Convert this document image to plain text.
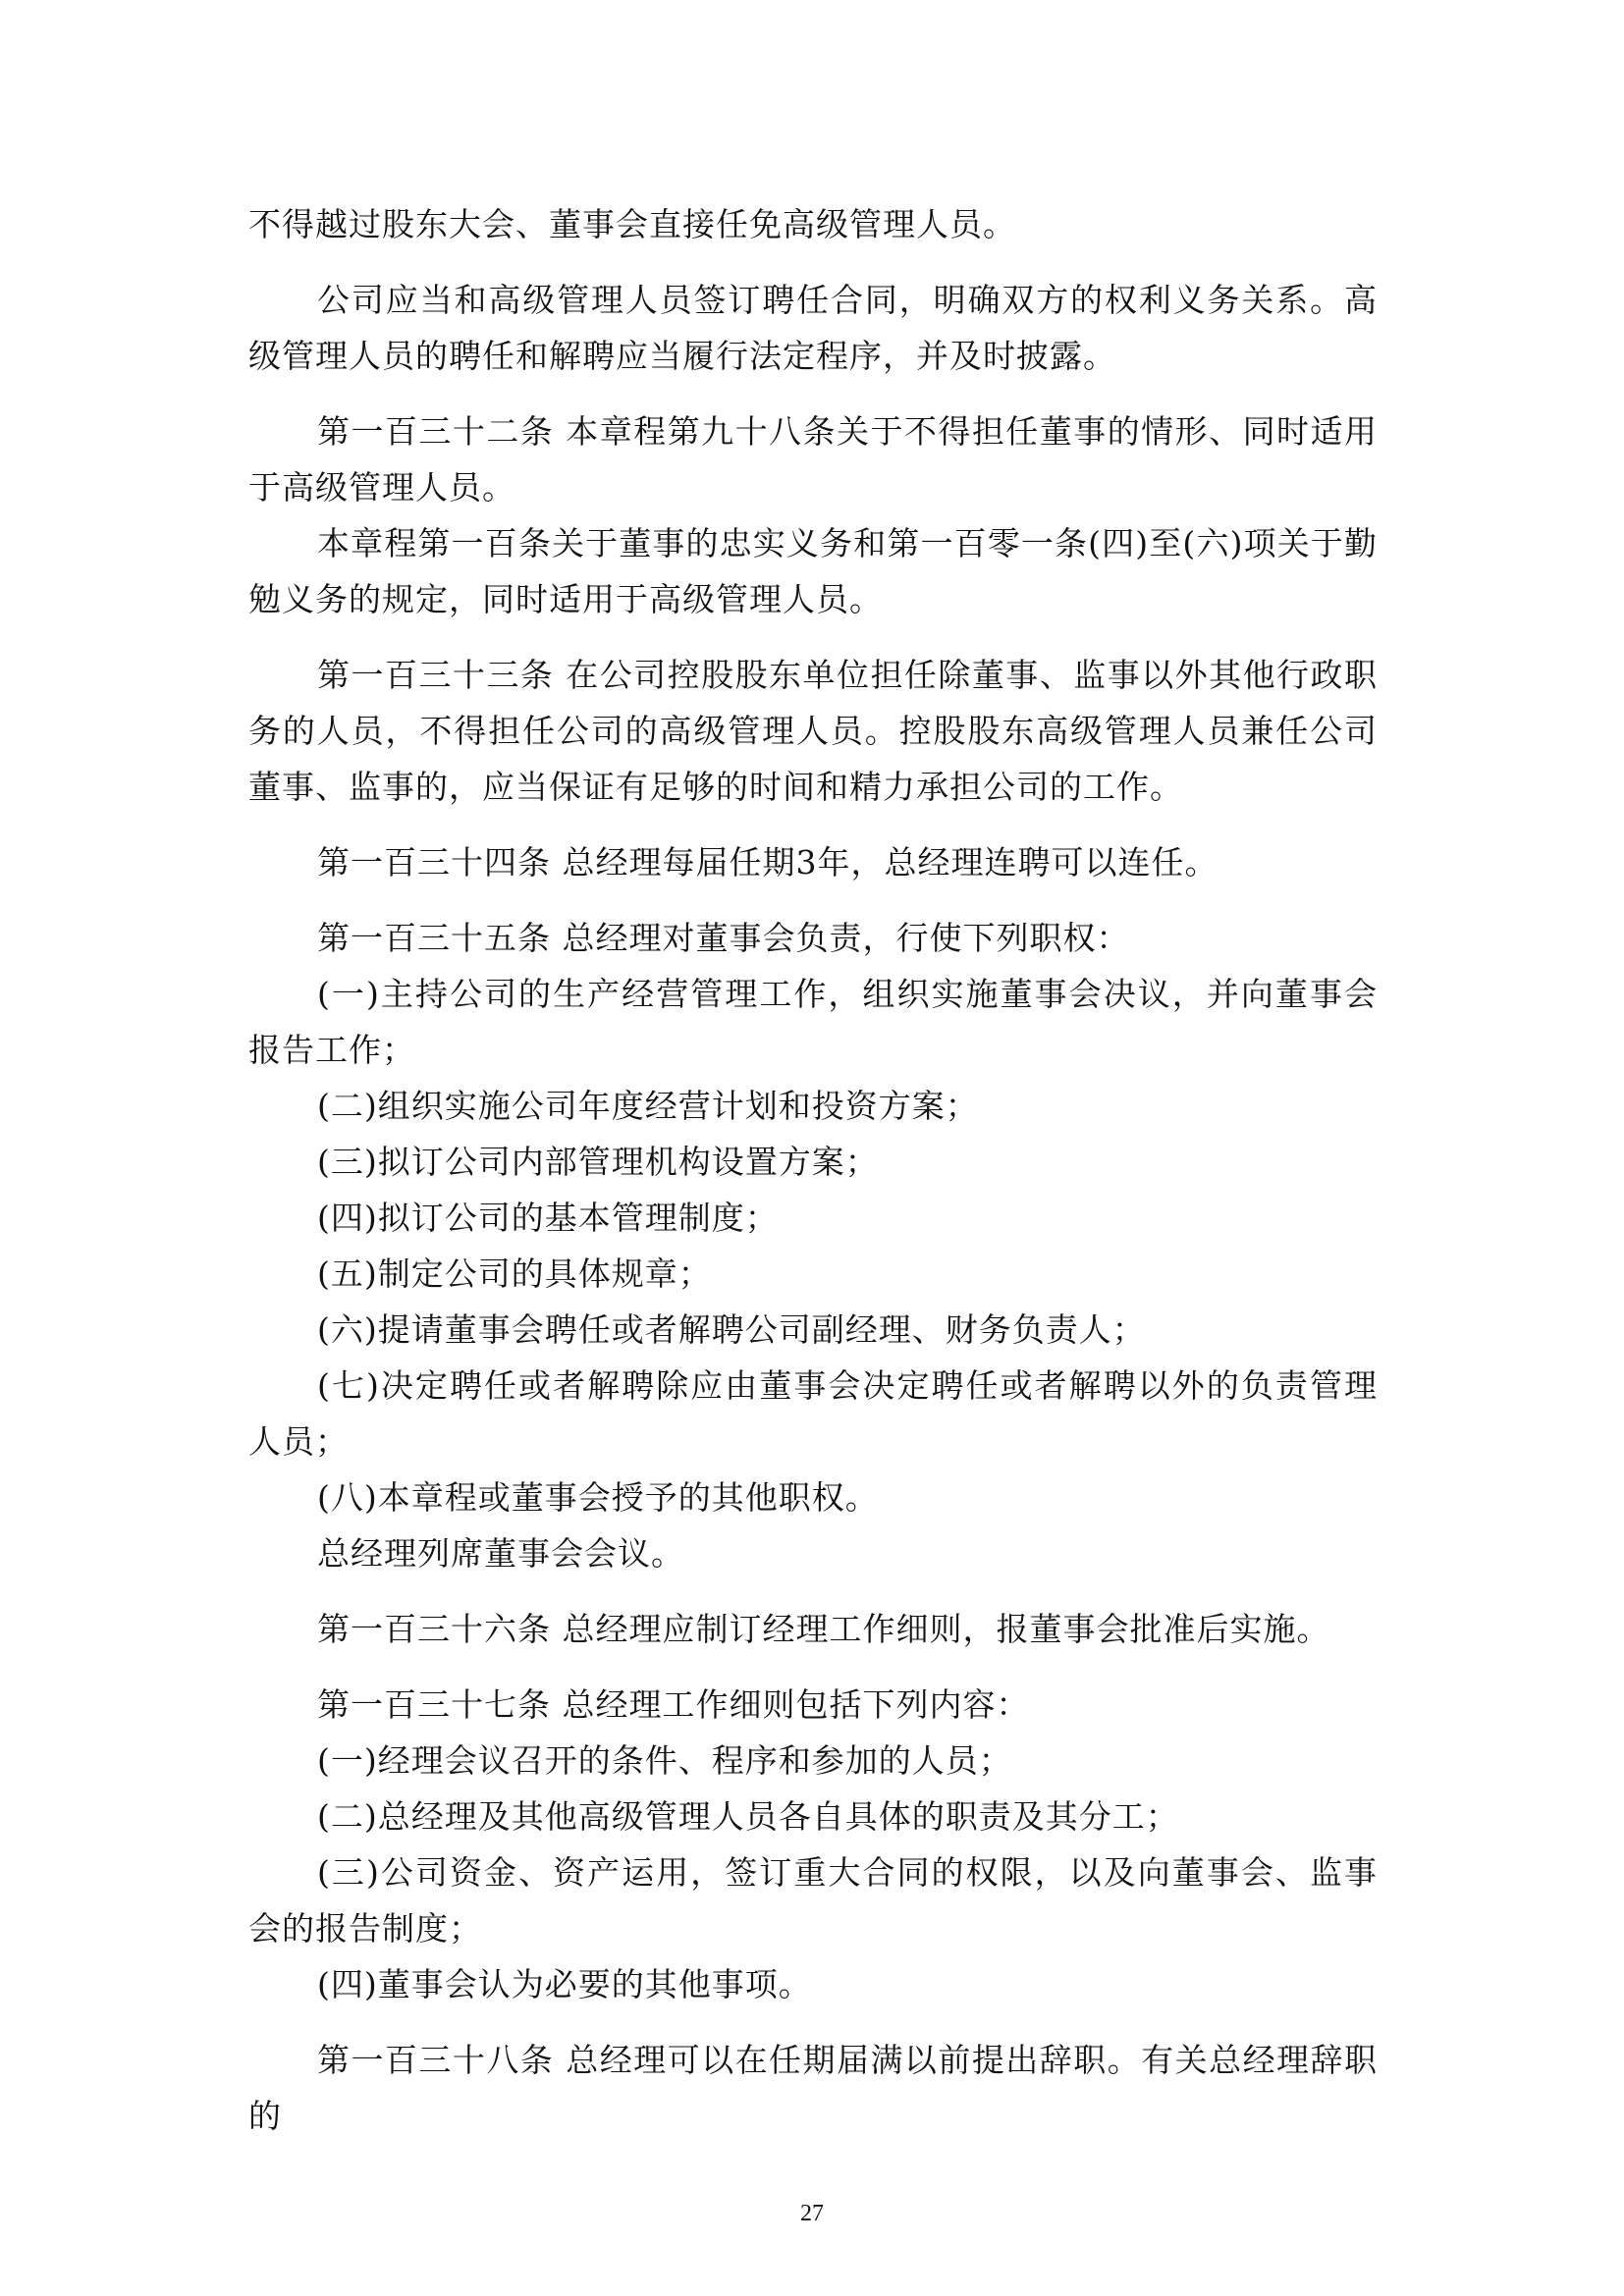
不得越过股东大会、董事会直接任免高级管理人员。

公司应当和高级管理人员签订聘任合同，明确双方的权利义务关系。高级管理人员的聘任和解聘应当履行法定程序，并及时披露。

第一百三十二条 本章程第九十八条关于不得担任董事的情形、同时适用于高级管理人员。

本章程第一百条关于董事的忠实义务和第一百零一条(四)至(六)项关于勤勉义务的规定，同时适用于高级管理人员。

第一百三十三条 在公司控股股东单位担任除董事、监事以外其他行政职务的人员，不得担任公司的高级管理人员。控股股东高级管理人员兼任公司董事、监事的，应当保证有足够的时间和精力承担公司的工作。

第一百三十四条 总经理每届任期3年，总经理连聘可以连任。

第一百三十五条 总经理对董事会负责，行使下列职权：

(一)主持公司的生产经营管理工作，组织实施董事会决议，并向董事会报告工作；

(二)组织实施公司年度经营计划和投资方案；

(三)拟订公司内部管理机构设置方案；

(四)拟订公司的基本管理制度；

(五)制定公司的具体规章；

(六)提请董事会聘任或者解聘公司副经理、财务负责人；

(七)决定聘任或者解聘除应由董事会决定聘任或者解聘以外的负责管理人员；

(八)本章程或董事会授予的其他职权。

总经理列席董事会会议。

第一百三十六条 总经理应制订经理工作细则，报董事会批准后实施。

第一百三十七条 总经理工作细则包括下列内容：

(一)经理会议召开的条件、程序和参加的人员；

(二)总经理及其他高级管理人员各自具体的职责及其分工；

(三)公司资金、资产运用，签订重大合同的权限，以及向董事会、监事会的报告制度；

(四)董事会认为必要的其他事项。

第一百三十八条 总经理可以在任期届满以前提出辞职。有关总经理辞职的

27
